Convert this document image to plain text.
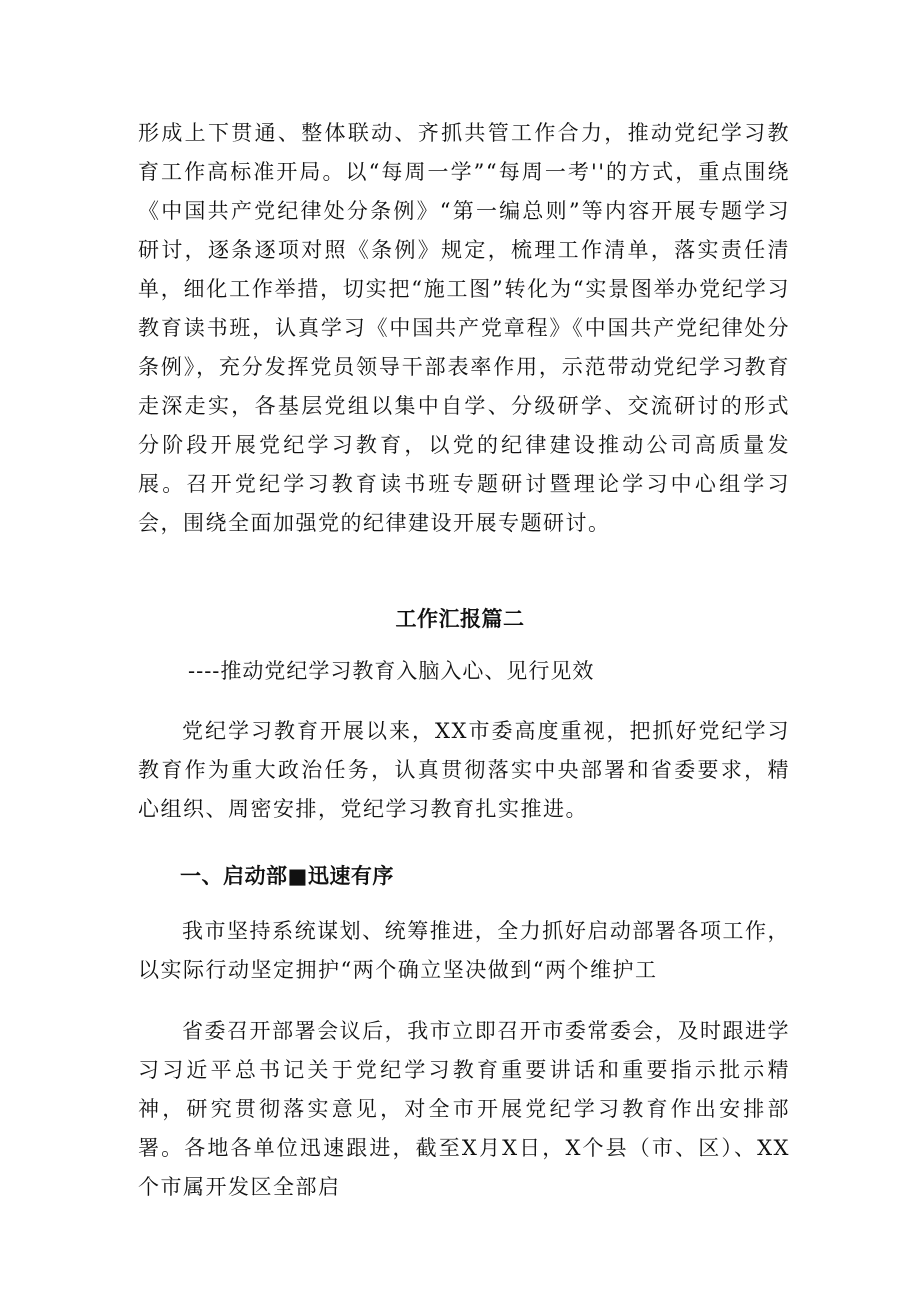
形成上下贯通、整体联动、齐抓共管工作合力，推动党纪学习教育工作高标准开局。以“每周一学”“每周一考''的方式，重点围绕《中国共产党纪律处分条例》“第一编总则”等内容开展专题学习研讨，逐条逐项对照《条例》规定，梳理工作清单，落实责任清单，细化工作举措，切实把“施工图”转化为“实景图举办党纪学习教育读书班，认真学习《中国共产党章程》《中国共产党纪律处分条例》，充分发挥党员领导干部表率作用，示范带动党纪学习教育走深走实，各基层党组以集中自学、分级研学、交流研讨的形式分阶段开展党纪学习教育，以党的纪律建设推动公司高质量发展。召开党纪学习教育读书班专题研讨暨理论学习中心组学习会，围绕全面加强党的纪律建设开展专题研讨。

工作汇报篇二

----推动党纪学习教育入脑入心、见行见效

党纪学习教育开展以来，XX市委高度重视，把抓好党纪学习教育作为重大政治任务，认真贯彻落实中央部署和省委要求，精心组织、周密安排，党纪学习教育扎实推进。

一、启动部■迅速有序

我市坚持系统谋划、统筹推进，全力抓好启动部署各项工作，以实际行动坚定拥护“两个确立坚决做到“两个维护工

省委召开部署会议后，我市立即召开市委常委会，及时跟进学习习近平总书记关于党纪学习教育重要讲话和重要指示批示精神，研究贯彻落实意见，对全市开展党纪学习教育作出安排部署。各地各单位迅速跟进，截至X月X日，X个县（市、区）、XX个市属开发区全部启
